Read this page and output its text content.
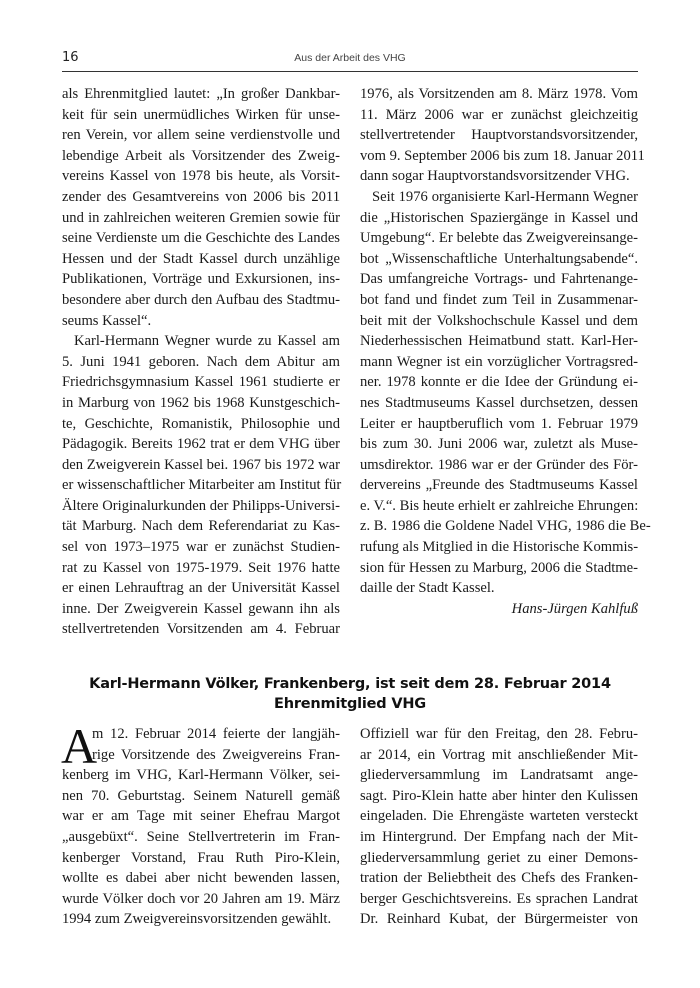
16	Aus der Arbeit des VHG
als Ehrenmitglied lautet: „In großer Dankbar-
keit für sein unermüdliches Wirken für unse-
ren Verein, vor allem seine verdienstvolle und
lebendige Arbeit als Vorsitzender des Zweig-
vereins Kassel von 1978 bis heute, als Vorsit-
zender des Gesamtvereins von 2006 bis 2011
und in zahlreichen weiteren Gremien sowie für
seine Verdienste um die Geschichte des Landes
Hessen und der Stadt Kassel durch unzählige
Publikationen, Vorträge und Exkursionen, ins-
besondere aber durch den Aufbau des Stadtmu-
seums Kassel“.
Karl-Hermann Wegner wurde zu Kassel am
5. Juni 1941 geboren. Nach dem Abitur am
Friedrichsgymnasium Kassel 1961 studierte er
in Marburg von 1962 bis 1968 Kunstgeschich-
te, Geschichte, Romanistik, Philosophie und
Pädagogik. Bereits 1962 trat er dem VHG über
den Zweigverein Kassel bei. 1967 bis 1972 war
er wissenschaftlicher Mitarbeiter am Institut für
Ältere Originalurkunden der Philipps-Universi-
tät Marburg. Nach dem Referendariat zu Kas-
sel von 1973–1975 war er zunächst Studien-
rat zu Kassel von 1975-1979. Seit 1976 hatte
er einen Lehrauftrag an der Universität Kassel
inne. Der Zweigverein Kassel gewann ihn als
stellvertretenden Vorsitzenden am 4. Februar
1976, als Vorsitzenden am 8. März 1978. Vom
11. März 2006 war er zunächst gleichzeitig
stellvertretender Hauptvorstandsvorsitzender,
vom 9. September 2006 bis zum 18. Januar 2011
dann sogar Hauptvorstandsvorsitzender VHG.
Seit 1976 organisierte Karl-Hermann Wegner
die „Historischen Spaziergänge in Kassel und
Umgebung“. Er belebte das Zweigvereinsange-
bot „Wissenschaftliche Unterhaltungsabende“.
Das umfangreiche Vortrags- und Fahrtenange-
bot fand und findet zum Teil in Zusammenar-
beit mit der Volkshochschule Kassel und dem
Niederhessischen Heimatbund statt. Karl-Her-
mann Wegner ist ein vorzüglicher Vortragsred-
ner. 1978 konnte er die Idee der Gründung ei-
nes Stadtmuseums Kassel durchsetzen, dessen
Leiter er hauptberuflich vom 1. Februar 1979
bis zum 30. Juni 2006 war, zuletzt als Muse-
umsdirektor. 1986 war er der Gründer des För-
dervereins „Freunde des Stadtmuseums Kassel
e. V.“. Bis heute erhielt er zahlreiche Ehrungen:
z. B. 1986 die Goldene Nadel VHG, 1986 die Be-
rufung als Mitglied in die Historische Kommis-
sion für Hessen zu Marburg, 2006 die Stadtme-
daille der Stadt Kassel.
Hans-Jürgen Kahlfuß
Karl-Hermann Völker, Frankenberg, ist seit dem 28. Februar 2014
Ehrenmitglied VHG
A
m 12. Februar 2014 feierte der langjäh-
rige Vorsitzende des Zweigvereins Fran-
kenberg im VHG, Karl-Hermann Völker, sei-
nen 70. Geburtstag. Seinem Naturell gemäß
war er am Tage mit seiner Ehefrau Margot
„ausgebüxt“. Seine Stellvertreterin im Fran-
kenberger Vorstand, Frau Ruth Piro-Klein,
wollte es dabei aber nicht bewenden lassen,
wurde Völker doch vor 20 Jahren am 19. März
1994 zum Zweigvereinsvorsitzenden gewählt.
Offiziell war für den Freitag, den 28. Febru-
ar 2014, ein Vortrag mit anschließender Mit-
gliederversammlung im Landratsamt ange-
sagt. Piro-Klein hatte aber hinter den Kulissen
eingeladen. Die Ehrengäste warteten versteckt
im Hintergrund. Der Empfang nach der Mit-
gliederversammlung geriet zu einer Demons-
tration der Beliebtheit des Chefs des Franken-
berger Geschichtsvereins. Es sprachen Landrat
Dr. Reinhard Kubat, der Bürgermeister von
